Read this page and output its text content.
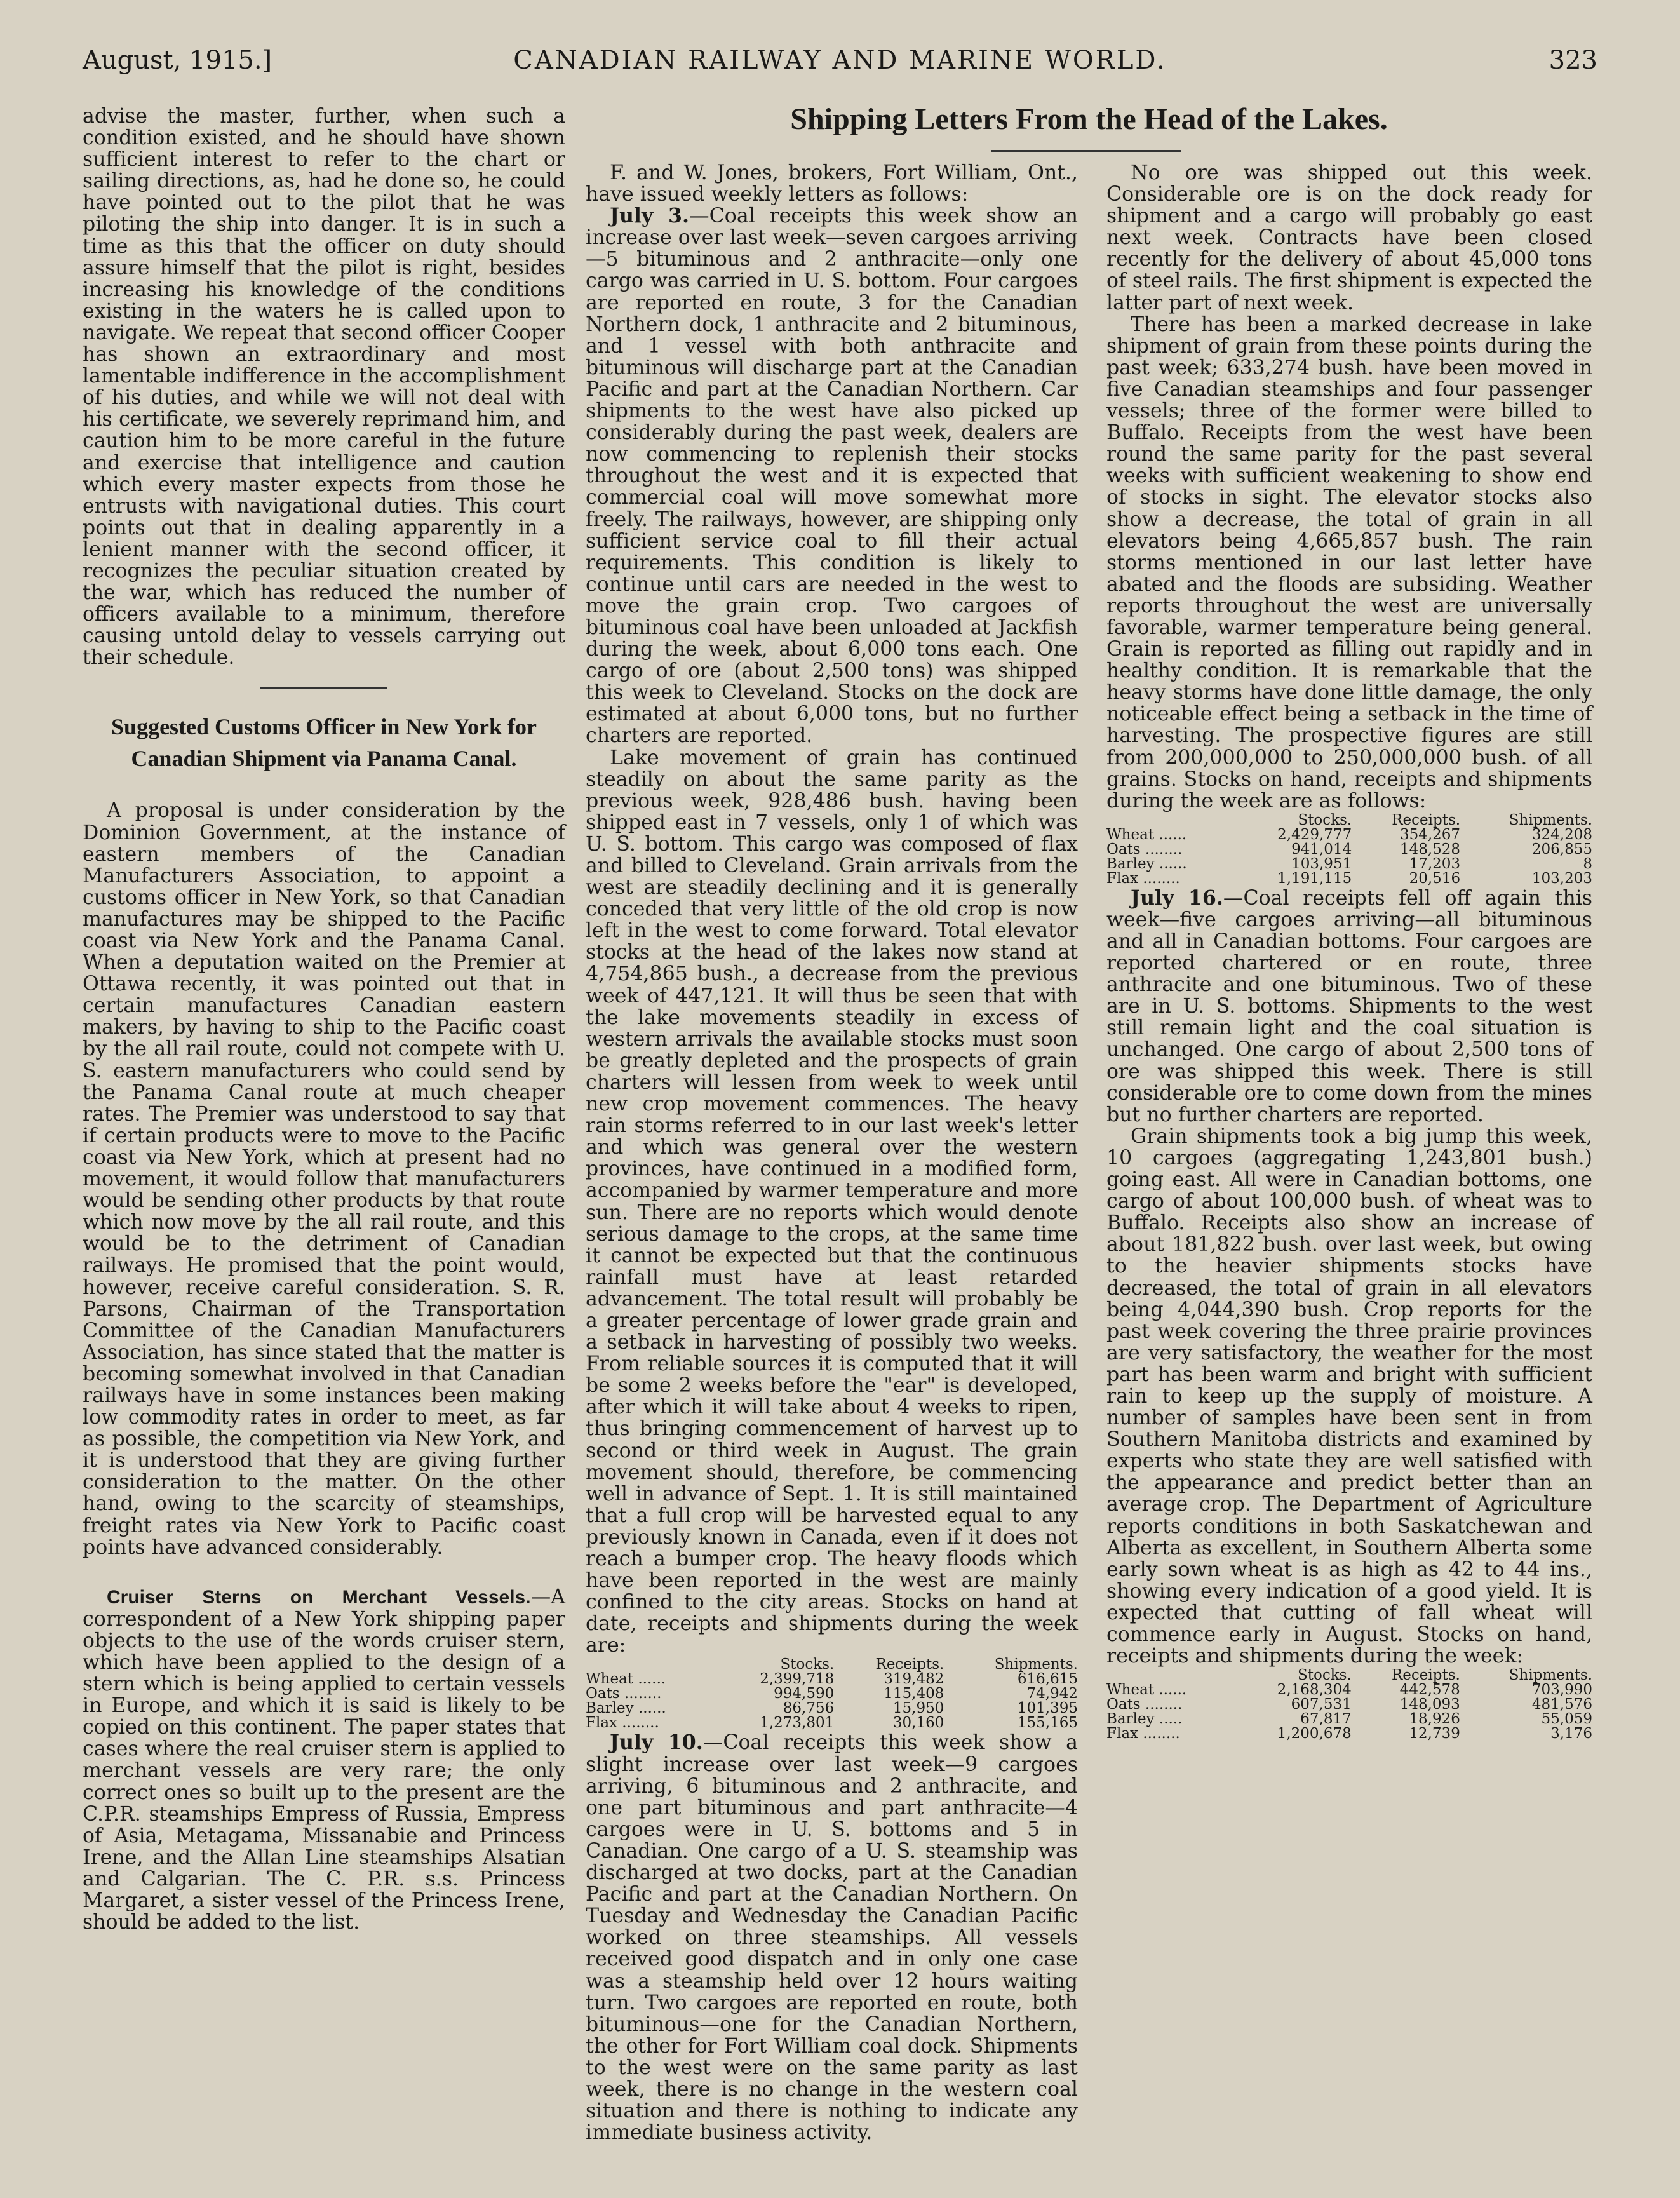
August, 1915.]	CANADIAN RAILWAY AND MARINE WORLD.	323

advise the master, further, when such a condition existed, and he should have shown sufficient interest to refer to the chart or sailing directions, as, had he done so, he could have pointed out to the pilot that he was piloting the ship into danger. It is in such a time as this that the officer on duty should assure himself that the pilot is right, besides increasing his knowledge of the conditions existing in the waters he is called upon to navigate. We repeat that second officer Cooper has shown an extraordinary and most lamentable indifference in the accomplishment of his duties, and while we will not deal with his certificate, we severely reprimand him, and caution him to be more careful in the future and exercise that intelligence and caution which every master expects from those he entrusts with navigational duties. This court points out that in dealing apparently in a lenient manner with the second officer, it recognizes the peculiar situation created by the war, which has reduced the number of officers available to a minimum, therefore causing untold delay to vessels carrying out their schedule.

Suggested Customs Officer in New York for Canadian Shipment via Panama Canal.

A proposal is under consideration by the Dominion Government, at the instance of eastern members of the Canadian Manufacturers Association, to appoint a customs officer in New York, so that Canadian manufactures may be shipped to the Pacific coast via New York and the Panama Canal. When a deputation waited on the Premier at Ottawa recently, it was pointed out that in certain manufactures Canadian eastern makers, by having to ship to the Pacific coast by the all rail route, could not compete with U. S. eastern manufacturers who could send by the Panama Canal route at much cheaper rates. The Premier was understood to say that if certain products were to move to the Pacific coast via New York, which at present had no movement, it would follow that manufacturers would be sending other products by that route which now move by the all rail route, and this would be to the detriment of Canadian railways. He promised that the point would, however, receive careful consideration. S. R. Parsons, Chairman of the Transportation Committee of the Canadian Manufacturers Association, has since stated that the matter is becoming somewhat involved in that Canadian railways have in some instances been making low commodity rates in order to meet, as far as possible, the competition via New York, and it is understood that they are giving further consideration to the matter. On the other hand, owing to the scarcity of steamships, freight rates via New York to Pacific coast points have advanced considerably.

Cruiser Sterns on Merchant Vessels.—A correspondent of a New York shipping paper objects to the use of the words cruiser stern, which have been applied to the design of a stern which is being applied to certain vessels in Europe, and which it is said is likely to be copied on this continent. The paper states that cases where the real cruiser stern is applied to merchant vessels are very rare; the only correct ones so built up to the present are the C.P.R. steamships Empress of Russia, Empress of Asia, Metagama, Missanabie and Princess Irene, and the Allan Line steamships Alsatian and Calgarian. The C. P.R. s.s. Princess Margaret, a sister vessel of the Princess Irene, should be added to the list.

Shipping Letters From the Head of the Lakes.

F. and W. Jones, brokers, Fort William, Ont., have issued weekly letters as follows:

July 3.—Coal receipts this week show an increase over last week—seven cargoes arriving—5 bituminous and 2 anthracite—only one cargo was carried in U. S. bottom. Four cargoes are reported en route, 3 for the Canadian Northern dock, 1 anthracite and 2 bituminous, and 1 vessel with both anthracite and bituminous will discharge part at the Canadian Pacific and part at the Canadian Northern. Car shipments to the west have also picked up considerably during the past week, dealers are now commencing to replenish their stocks throughout the west and it is expected that commercial coal will move somewhat more freely. The railways, however, are shipping only sufficient service coal to fill their actual requirements. This condition is likely to continue until cars are needed in the west to move the grain crop. Two cargoes of bituminous coal have been unloaded at Jackfish during the week, about 6,000 tons each. One cargo of ore (about 2,500 tons) was shipped this week to Cleveland. Stocks on the dock are estimated at about 6,000 tons, but no further charters are reported.

Lake movement of grain has continued steadily on about the same parity as the previous week, 928,486 bush. having been shipped east in 7 vessels, only 1 of which was U. S. bottom. This cargo was composed of flax and billed to Cleveland. Grain arrivals from the west are steadily declining and it is generally conceded that very little of the old crop is now left in the west to come forward. Total elevator stocks at the head of the lakes now stand at 4,754,865 bush., a decrease from the previous week of 447,121. It will thus be seen that with the lake movements steadily in excess of western arrivals the available stocks must soon be greatly depleted and the prospects of grain charters will lessen from week to week until new crop movement commences. The heavy rain storms referred to in our last week's letter and which was general over the western provinces, have continued in a modified form, accompanied by warmer temperature and more sun. There are no reports which would denote serious damage to the crops, at the same time it cannot be expected but that the continuous rainfall must have at least retarded advancement. The total result will probably be a greater percentage of lower grade grain and a setback in harvesting of possibly two weeks. From reliable sources it is computed that it will be some 2 weeks before the "ear" is developed, after which it will take about 4 weeks to ripen, thus bringing commencement of harvest up to second or third week in August. The grain movement should, therefore, be commencing well in advance of Sept. 1. It is still maintained that a full crop will be harvested equal to any previously known in Canada, even if it does not reach a bumper crop. The heavy floods which have been reported in the west are mainly confined to the city areas. Stocks on hand at date, receipts and shipments during the week are:

	Stocks.	Receipts.	Shipments.
Wheat ......	2,399,718	319,482	616,615
Oats ........	994,590	115,408	74,942
Barley ......	86,756	15,950	101,395
Flax ........	1,273,801	30,160	155,165

July 10.—Coal receipts this week show a slight increase over last week—9 cargoes arriving, 6 bituminous and 2 anthracite, and one part bituminous and part anthracite—4 cargoes were in U. S. bottoms and 5 in Canadian. One cargo of a U. S. steamship was discharged at two docks, part at the Canadian Pacific and part at the Canadian Northern. On Tuesday and Wednesday the Canadian Pacific worked on three steamships. All vessels received good dispatch and in only one case was a steamship held over 12 hours waiting turn. Two cargoes are reported en route, both bituminous—one for the Canadian Northern, the other for Fort William coal dock. Shipments to the west were on the same parity as last week, there is no change in the western coal situation and there is nothing to indicate any immediate business activity.

No ore was shipped out this week. Considerable ore is on the dock ready for shipment and a cargo will probably go east next week. Contracts have been closed recently for the delivery of about 45,000 tons of steel rails. The first shipment is expected the latter part of next week.

There has been a marked decrease in lake shipment of grain from these points during the past week; 633,274 bush. have been moved in five Canadian steamships and four passenger vessels; three of the former were billed to Buffalo. Receipts from the west have been round the same parity for the past several weeks with sufficient weakening to show end of stocks in sight. The elevator stocks also show a decrease, the total of grain in all elevators being 4,665,857 bush. The rain storms mentioned in our last letter have abated and the floods are subsiding. Weather reports throughout the west are universally favorable, warmer temperature being general. Grain is reported as filling out rapidly and in healthy condition. It is remarkable that the heavy storms have done little damage, the only noticeable effect being a setback in the time of harvesting. The prospective figures are still from 200,000,000 to 250,000,000 bush. of all grains. Stocks on hand, receipts and shipments during the week are as follows:

	Stocks.	Receipts.	Shipments.
Wheat ......	2,429,777	354,267	324,208
Oats ........	941,014	148,528	206,855
Barley ......	103,951	17,203	8
Flax ........	1,191,115	20,516	103,203

July 16.—Coal receipts fell off again this week—five cargoes arriving—all bituminous and all in Canadian bottoms. Four cargoes are reported chartered or en route, three anthracite and one bituminous. Two of these are in U. S. bottoms. Shipments to the west still remain light and the coal situation is unchanged. One cargo of about 2,500 tons of ore was shipped this week. There is still considerable ore to come down from the mines but no further charters are reported.

Grain shipments took a big jump this week, 10 cargoes (aggregating 1,243,801 bush.) going east. All were in Canadian bottoms, one cargo of about 100,000 bush. of wheat was to Buffalo. Receipts also show an increase of about 181,822 bush. over last week, but owing to the heavier shipments stocks have decreased, the total of grain in all elevators being 4,044,390 bush. Crop reports for the past week covering the three prairie provinces are very satisfactory, the weather for the most part has been warm and bright with sufficient rain to keep up the supply of moisture. A number of samples have been sent in from Southern Manitoba districts and examined by experts who state they are well satisfied with the appearance and predict better than an average crop. The Department of Agriculture reports conditions in both Saskatchewan and Alberta as excellent, in Southern Alberta some early sown wheat is as high as 42 to 44 ins., showing every indication of a good yield. It is expected that cutting of fall wheat will commence early in August. Stocks on hand, receipts and shipments during the week:

	Stocks.	Receipts.	Shipments.
Wheat ......	2,168,304	442,578	703,990
Oats ........	607,531	148,093	481,576
Barley .....	67,817	18,926	55,059
Flax ........	1,200,678	12,739	3,176
